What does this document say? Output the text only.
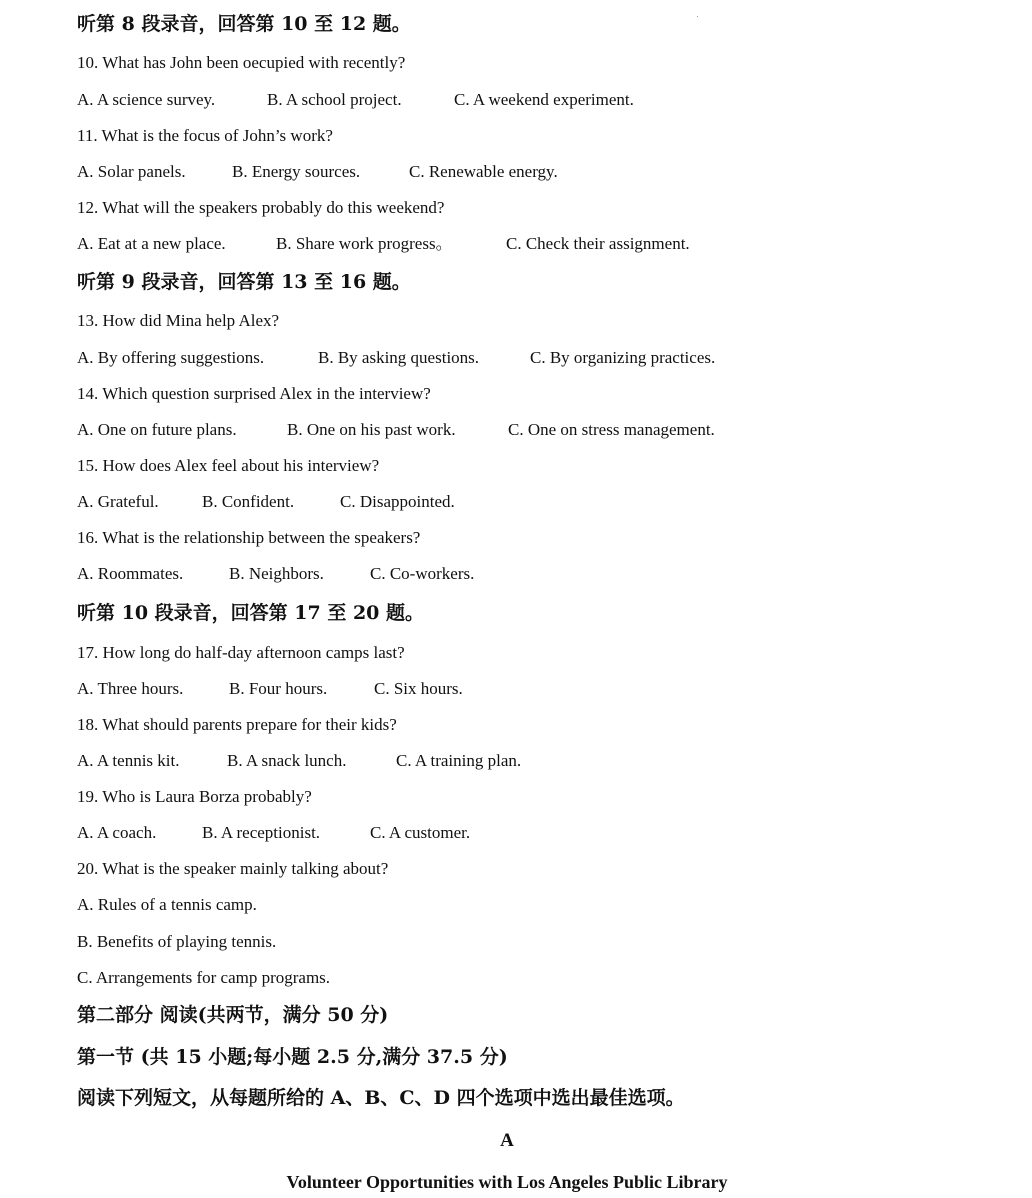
听第 8 段录音，回答第 10 至 12 题。
10. What has John been oecupied with recently?
A. A science survey.	B. A school project.	C. A weekend experiment.
11. What is the focus of John’s work?
A. Solar panels.	B. Energy sources.	C. Renewable energy.
12. What will the speakers probably do this weekend?
A. Eat at a new place.	B. Share work progress。	C. Check their assignment.
听第 9 段录音，回答第 13 至 16 题。
13. How did Mina help Alex?
A. By offering suggestions.	B. By asking questions.	C. By organizing practices.
14. Which question surprised Alex in the interview?
A. One on future plans.	B. One on his past work.	C. One on stress management.
15. How does Alex feel about his interview?
A. Grateful.	B. Confident.	C. Disappointed.
16. What is the relationship between the speakers?
A. Roommates.	B. Neighbors.	C. Co-workers.
听第 10 段录音，回答第 17 至 20 题。
17. How long do half-day afternoon camps last?
A. Three hours.	B. Four hours.	C. Six hours.
18. What should parents prepare for their kids?
A. A tennis kit.	B. A snack lunch.	C. A training plan.
19. Who is Laura Borza probably?
A. A coach.	B. A receptionist.	C. A customer.
20. What is the speaker mainly talking about?
A. Rules of a tennis camp.
B. Benefits of playing tennis.
C. Arrangements for camp programs.
第二部分 阅读(共两节，满分 50 分)
第一节 (共 15 小题;每小题 2.5 分,满分 37.5 分)
阅读下列短文，从每题所给的 A、B、C、D 四个选项中选出最佳选项。
A
Volunteer Opportunities with Los Angeles Public Library
